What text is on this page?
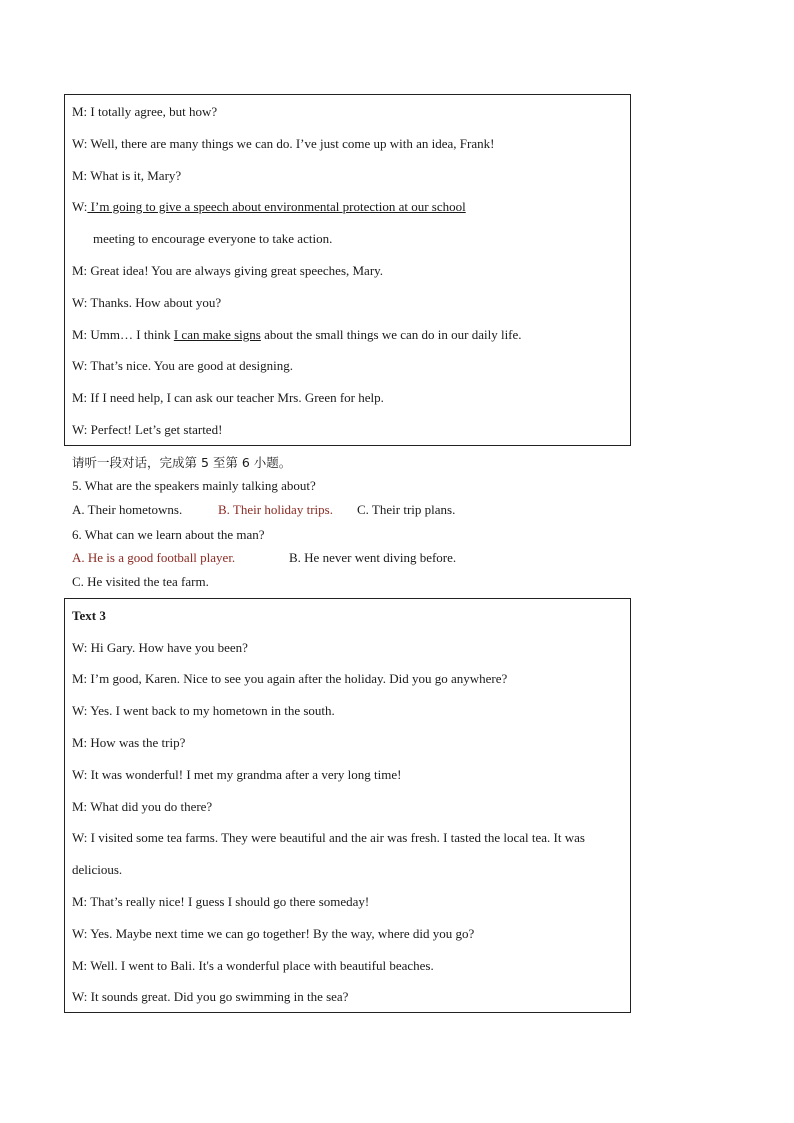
M: I totally agree, but how?
W: Well, there are many things we can do. I’ve just come up with an idea, Frank!
M: What is it, Mary?
W: I’m going to give a speech about environmental protection at our school
meeting to encourage everyone to take action.
M: Great idea! You are always giving great speeches, Mary.
W: Thanks. How about you?
M: Umm… I think I can make signs about the small things we can do in our daily life.
W: That’s nice. You are good at designing.
M: If I need help, I can ask our teacher Mrs. Green for help.
W: Perfect! Let’s get started!
请听一段对话，完成第 5 至第 6 小题。
5. What are the speakers mainly talking about?
A. Their hometowns.	B. Their holiday trips. C. Their trip plans.
6. What can we learn about the man?
A. He is a good football player.	B. He never went diving before.
C. He visited the tea farm.
Text 3
W: Hi Gary. How have you been?
M: I’m good, Karen. Nice to see you again after the holiday. Did you go anywhere?
W: Yes. I went back to my hometown in the south.
M: How was the trip?
W: It was wonderful! I met my grandma after a very long time!
M: What did you do there?
W: I visited some tea farms. They were beautiful and the air was fresh. I tasted the local tea. It was
delicious.
M: That’s really nice! I guess I should go there someday!
W: Yes. Maybe next time we can go together! By the way, where did you go?
M: Well. I went to Bali. It's a wonderful place with beautiful beaches.
W: It sounds great. Did you go swimming in the sea?
